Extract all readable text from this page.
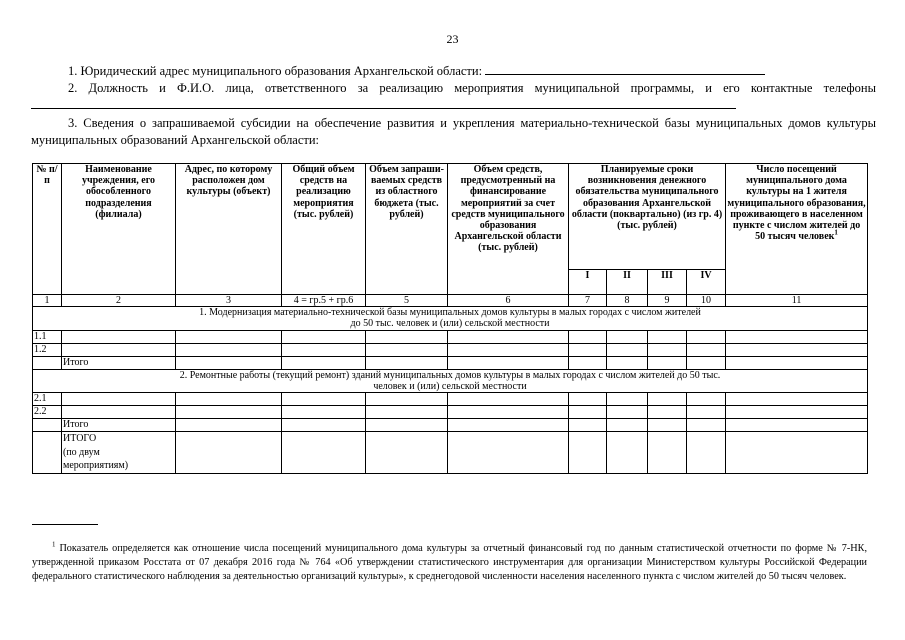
23
1. Юридический адрес муниципального образования Архангельской области:
2. Должность и Ф.И.О. лица, ответственного за реализацию мероприятия муниципальной программы, и его контактные телефоны
3. Сведения о запрашиваемой субсидии на обеспечение развития и укрепления материально-технической базы муниципальных домов культуры муниципальных образований Архангельской области:
№ п/п	Наименование учреждения, его обособленного подразделения (филиала)	Адрес, по которому расположен дом культуры (объект)	Общий объем средств на реализацию мероприятия (тыс. рублей)	Объем запраши-ваемых средств из областного бюджета (тыс. рублей)	Объем средств, предусмотренный на финансирование мероприятий за счет средств муниципального образования Архангельской области (тыс. рублей)	Планируемые сроки возникновения денежного обязательства муниципального образования Архангельской области (поквартально) (из гр. 4) (тыс. рублей)				Число посещений муниципального дома культуры на 1 жителя муниципального образования, проживающего в населенном пункте с числом жителей до 50 тысяч человек$^1$
						I	II	III	IV	
1	2	3	4 = гр.5 + гр.6	5	6	7	8	9	10	11
1. Модернизация материально-технической базы муниципальных домов культуры в малых городах с числом жителей до 50 тыс. человек и (или) сельской местности										
1.1										
1.2										
	Итого									
2. Ремонтные работы (текущий ремонт) зданий муниципальных домов культуры в малых городах с числом жителей до 50 тыс. человек и (или) сельской местности										
2.1										
2.2										
	Итого									

	ИТОГО
(по двум
мероприятиям)									

$^1$ Показатель определяется как отношение числа посещений муниципального дома культуры за отчетный финансовый год по данным статистической отчетности по форме № 7-НК, утвержденной приказом Росстата от 07 декабря 2016 года № 764 «Об утверждении статистического инструментария для организации Министерством культуры Российской Федерации федерального статистического наблюдения за деятельностью организаций культуры», к среднегодовой численности населения населенного пункта с числом жителей до 50 тысяч человек.
